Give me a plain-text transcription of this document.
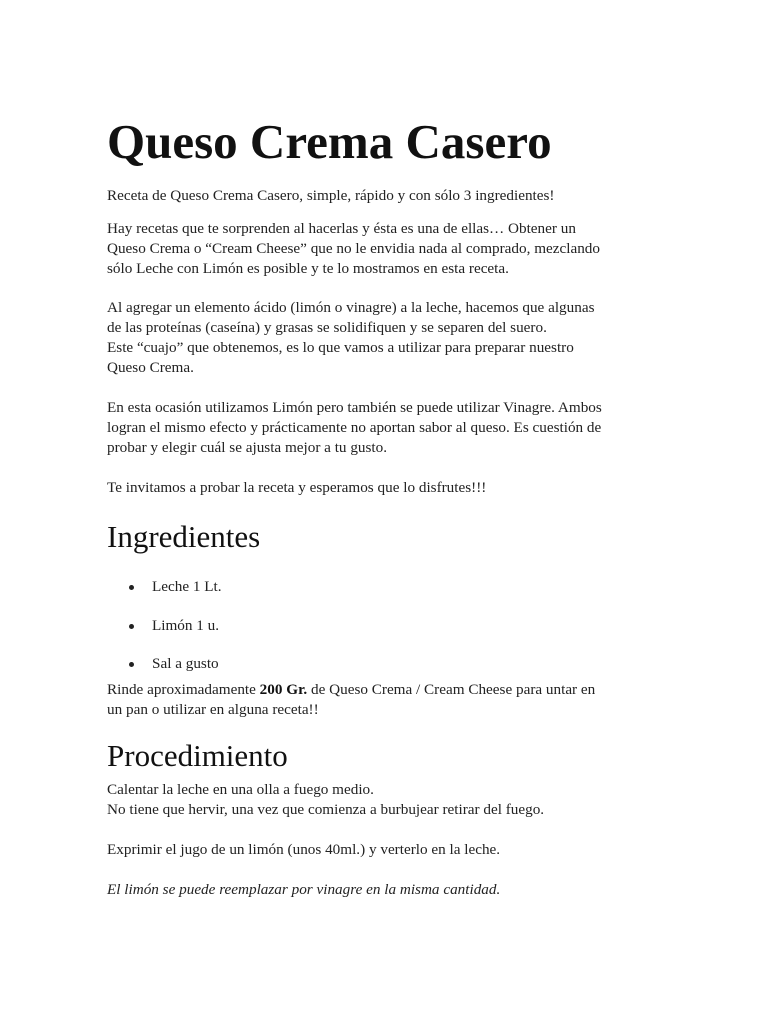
Queso Crema Casero

Receta de Queso Crema Casero, simple, rápido y con sólo 3 ingredientes!

Hay recetas que te sorprenden al hacerlas y ésta es una de ellas… Obtener un
Queso Crema o “Cream Cheese” que no le envidia nada al comprado, mezclando
sólo Leche con Limón es posible y te lo mostramos en esta receta.

Al agregar un elemento ácido (limón o vinagre) a la leche, hacemos que algunas
de las proteínas (caseína) y grasas se solidifiquen y se separen del suero.
Este “cuajo” que obtenemos, es lo que vamos a utilizar para preparar nuestro
Queso Crema.

En esta ocasión utilizamos Limón pero también se puede utilizar Vinagre. Ambos
logran el mismo efecto y prácticamente no aportan sabor al queso. Es cuestión de
probar y elegir cuál se ajusta mejor a tu gusto.

Te invitamos a probar la receta y esperamos que lo disfrutes!!!

Ingredientes
Leche 1 Lt.
Limón 1 u.
Sal a gusto

Rinde aproximadamente 200 Gr. de Queso Crema / Cream Cheese para untar en
un pan o utilizar en alguna receta!!

Procedimiento

Calentar la leche en una olla a fuego medio.
No tiene que hervir, una vez que comienza a burbujear retirar del fuego.

Exprimir el jugo de un limón (unos 40ml.) y verterlo en la leche.

El limón se puede reemplazar por vinagre en la misma cantidad.
